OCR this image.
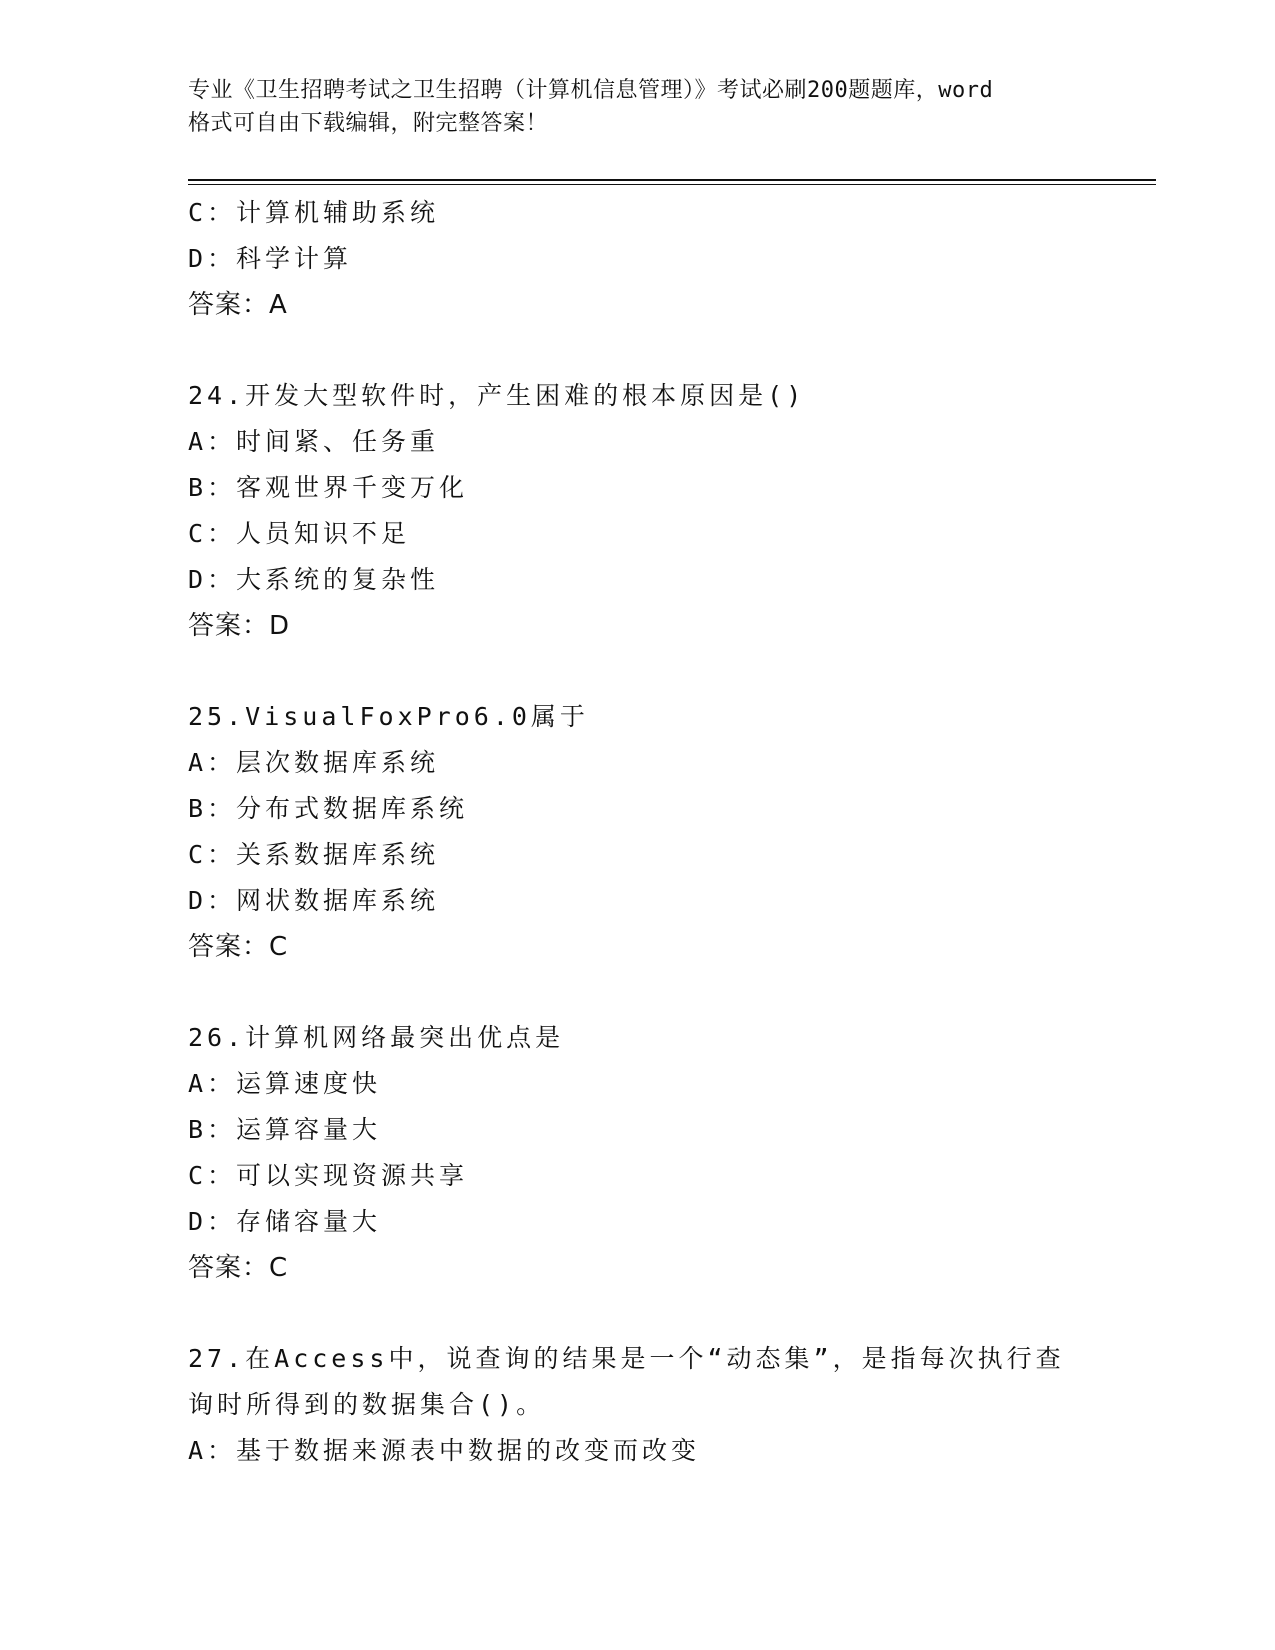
专业《卫生招聘考试之卫生招聘（计算机信息管理）》考试必刷200题题库，word
格式可自由下载编辑，附完整答案！
C：计算机辅助系统
D：科学计算
答案：A
24.开发大型软件时，产生困难的根本原因是()
A：时间紧、任务重
B：客观世界千变万化
C：人员知识不足
D：大系统的复杂性
答案：D
25.VisualFoxPro6.0属于
A：层次数据库系统
B：分布式数据库系统
C：关系数据库系统
D：网状数据库系统
答案：C
26.计算机网络最突出优点是
A：运算速度快
B：运算容量大
C：可以实现资源共享
D：存储容量大
答案：C
27.在Access中，说查询的结果是一个“动态集”，是指每次执行查
询时所得到的数据集合()。
A：基于数据来源表中数据的改变而改变
